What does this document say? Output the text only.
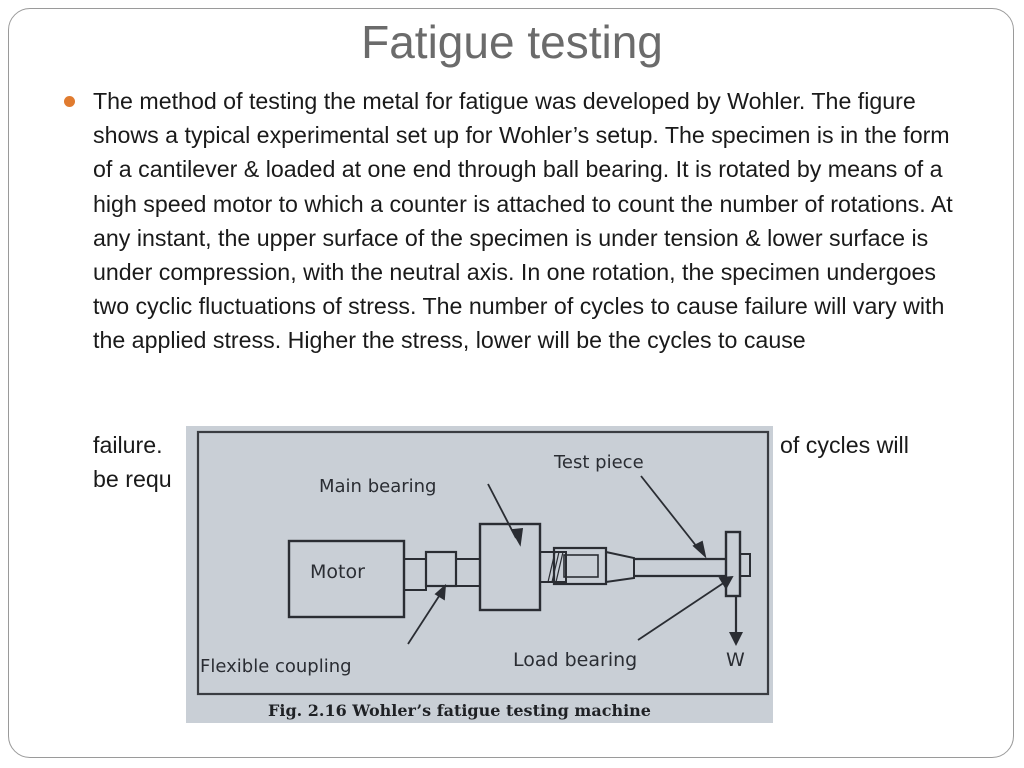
Fatigue testing
The method of testing the metal for fatigue was developed by Wohler. The figure shows a typical experimental set up for Wohler’s setup. The specimen is in the form of a cantilever & loaded at one end through ball bearing. It is rotated by means of a high speed motor to which a counter is attached to count the number of rotations. At any instant, the upper surface of the specimen is under tension & lower surface is under compression, with the neutral axis. In one rotation, the specimen undergoes two cyclic fluctuations of stress. The number of cycles to cause failure will vary with the applied stress. Higher the stress, lower will be the cycles to cause
failure.	of cycles will
be requ
Motor
W
Main bearing
Test piece
Flexible coupling	Load bearing
Fig. 2.16 Wohler’s fatigue testing machine
